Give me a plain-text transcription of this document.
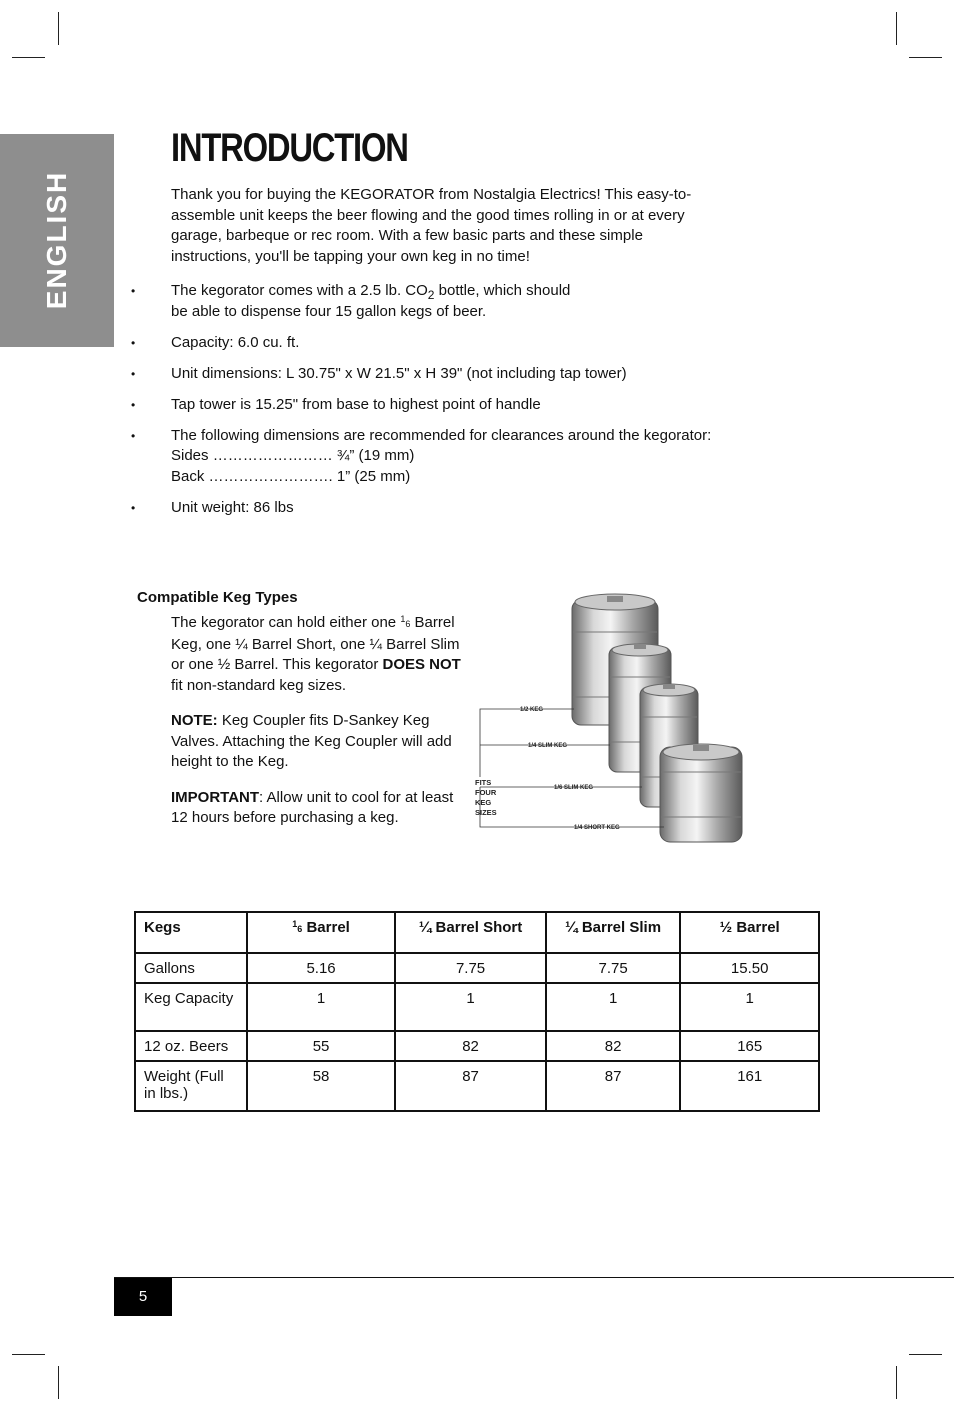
ENGLISH
INTRODUCTION

Thank you for buying the KEGORATOR from Nostalgia Electrics! This easy-to-assemble unit keeps the beer flowing and the good times rolling in or at every garage, barbeque or rec room. With a few basic parts and these simple instructions, you'll be tapping your own keg in no time!

• The kegorator comes with a 2.5 lb. $CO_2$ bottle, which should
be able to dispense four 15 gallon kegs of beer.
• Capacity: 6.0 cu. ft.
• Unit dimensions: L 30.75" x W 21.5" x H 39" (not including tap tower)
• Tap tower is 15.25" from base to highest point of handle
• The following dimensions are recommended for clearances around the kegorator:
Sides …………………… ¾” (19 mm)
Back ……………………. 1” (25 mm)
• Unit weight: 86 lbs
Compatible Keg Types

The kegorator can hold either one $^1$6 Barrel Keg, one ¼ Barrel Short, one ¼ Barrel Slim or one ½ Barrel. This kegorator DOES NOT fit non-standard keg sizes.

NOTE: Keg Coupler fits D-Sankey Keg Valves. Attaching the Keg Coupler will add height to the Keg.

IMPORTANT: Allow unit to cool for at least 12 hours before purchasing a keg.

1/2 KEG
1/4 SLIM KEG
1/6 SLIM KEG
1/4 SHORT KEG
FITS
FOUR
KEG
SIZES
Kegs	$^1$6 Barrel	¼ Barrel Short	¼ Barrel Slim	½ Barrel
Gallons	5.16	7.75	7.75	15.50
Keg Capacity	1	1	1	1
12 oz. Beers	55	82	82	165
Weight (Full in lbs.)	58	87	87	161
5
